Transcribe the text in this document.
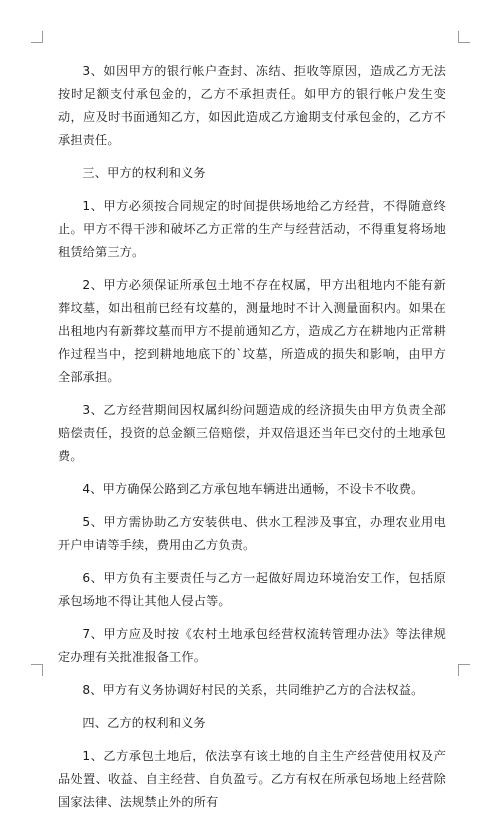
3、如因甲方的银行帐户查封、冻结、拒收等原因，造成乙方无法按时足额支付承包金的，乙方不承担责任。如甲方的银行帐户发生变动，应及时书面通知乙方，如因此造成乙方逾期支付承包金的，乙方不承担责任。

三、甲方的权利和义务

1、甲方必须按合同规定的时间提供场地给乙方经营，不得随意终止。甲方不得干涉和破坏乙方正常的生产与经营活动，不得重复将场地租赁给第三方。

2、甲方必须保证所承包土地不存在权属，甲方出租地内不能有新葬坟墓，如出租前已经有坟墓的，测量地时不计入测量面积内。如果在出租地内有新葬坟墓而甲方不提前通知乙方，造成乙方在耕地内正常耕作过程当中，挖到耕地地底下的`坟墓，所造成的损失和影响，由甲方全部承担。

3、乙方经营期间因权属纠纷问题造成的经济损失由甲方负责全部赔偿责任，投资的总金额三倍赔偿，并双倍退还当年已交付的土地承包费。

4、甲方确保公路到乙方承包地车辆进出通畅，不设卡不收费。

5、甲方需协助乙方安装供电、供水工程涉及事宜，办理农业用电开户申请等手续，费用由乙方负责。

6、甲方负有主要责任与乙方一起做好周边环境治安工作，包括原承包场地不得让其他人侵占等。

7、甲方应及时按《农村土地承包经营权流转管理办法》等法律规定办理有关批准报备工作。

8、甲方有义务协调好村民的关系，共同维护乙方的合法权益。

四、乙方的权利和义务

1、乙方承包土地后，依法享有该土地的自主生产经营使用权及产品处置、收益、自主经营、自负盈亏。乙方有权在所承包场地上经营除国家法律、法规禁止外的所有
